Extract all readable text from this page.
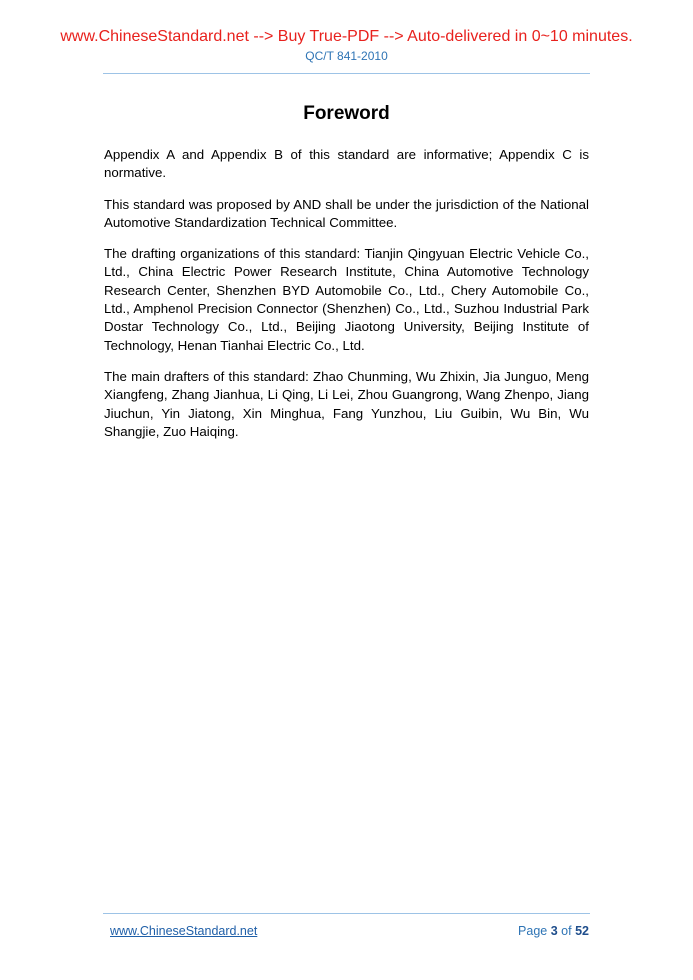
www.ChineseStandard.net --> Buy True-PDF --> Auto-delivered in 0~10 minutes.
QC/T 841-2010
Foreword

Appendix A and Appendix B of this standard are informative; Appendix C is normative.

This standard was proposed by AND shall be under the jurisdiction of the National Automotive Standardization Technical Committee.

The drafting organizations of this standard: Tianjin Qingyuan Electric Vehicle Co., Ltd., China Electric Power Research Institute, China Automotive Technology Research Center, Shenzhen BYD Automobile Co., Ltd., Chery Automobile Co., Ltd., Amphenol Precision Connector (Shenzhen) Co., Ltd., Suzhou Industrial Park Dostar Technology Co., Ltd., Beijing Jiaotong University, Beijing Institute of Technology, Henan Tianhai Electric Co., Ltd.

The main drafters of this standard: Zhao Chunming, Wu Zhixin, Jia Junguo, Meng Xiangfeng, Zhang Jianhua, Li Qing, Li Lei, Zhou Guangrong, Wang Zhenpo, Jiang Jiuchun, Yin Jiatong, Xin Minghua, Fang Yunzhou, Liu Guibin, Wu Bin, Wu Shangjie, Zuo Haiqing.

www.ChineseStandard.net	Page 3 of 52
